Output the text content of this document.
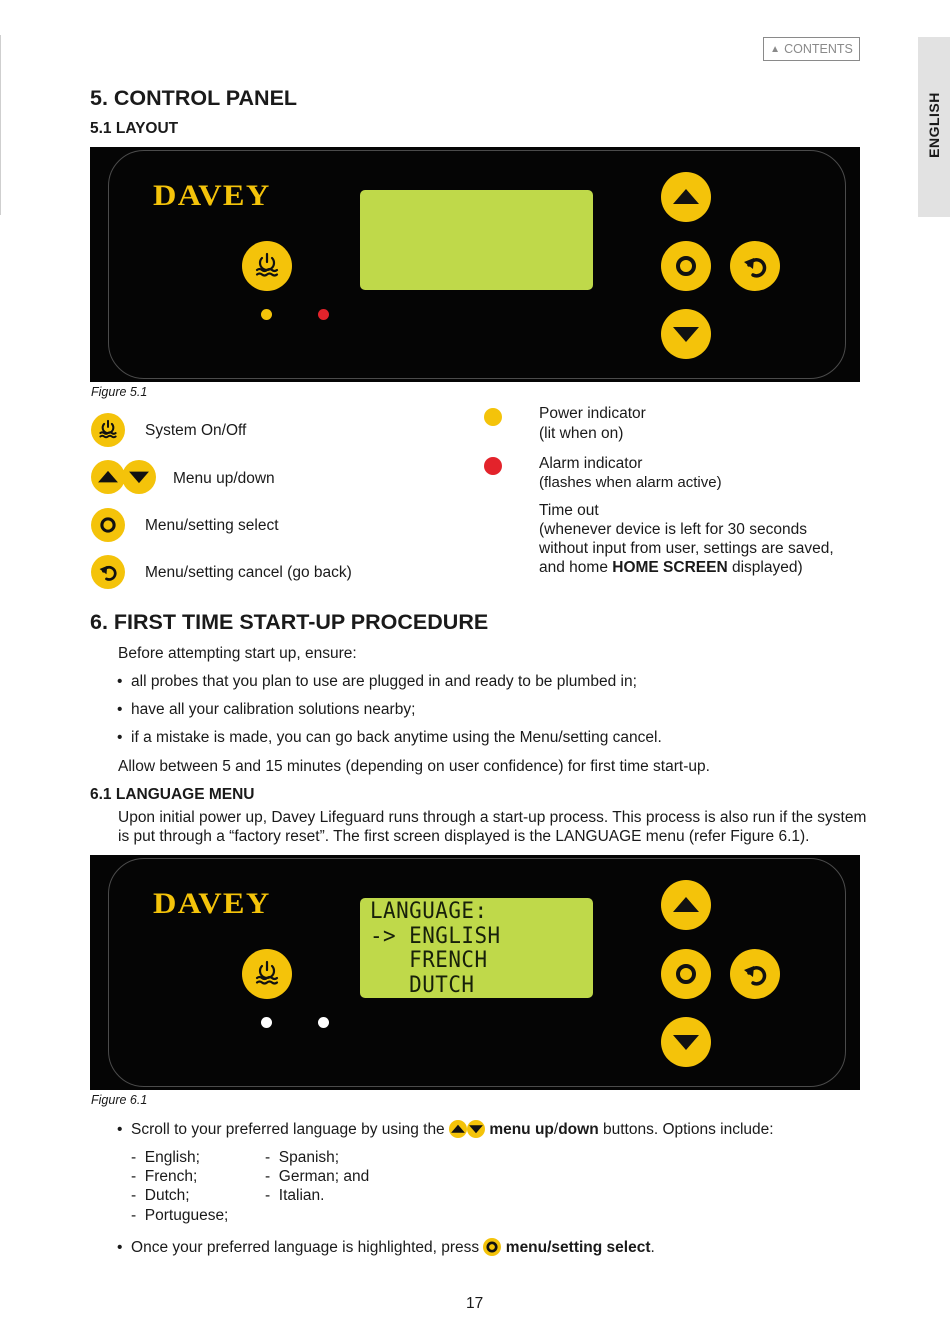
▲ CONTENTS
ENGLISH
5. CONTROL PANEL
5.1 LAYOUT
DAVEY
Figure 5.1
System On/Off
Menu up/down
Menu/setting select
Menu/setting cancel (go back)
Power indicator
(lit when on)
Alarm indicator
(flashes when alarm active)
Time out
(whenever device is left for 30 seconds
without input from user, settings are saved,
and home HOME SCREEN displayed)
6. FIRST TIME START-UP PROCEDURE
Before attempting start up, ensure:
•  all probes that you plan to use are plugged in and ready to be plumbed in;
•  have all your calibration solutions nearby;
•  if a mistake is made, you can go back anytime using the Menu/setting cancel.
Allow between 5 and 15 minutes (depending on user confidence) for first time start-up.
6.1 LANGUAGE MENU
Upon initial power up, Davey Lifeguard runs through a start-up process. This process is also run if the system
is put through a “factory reset”. The first screen displayed is the LANGUAGE menu (refer Figure 6.1).
DAVEY	LANGUAGE:
-> ENGLISH
FRENCH
DUTCH
Figure 6.1
•  Scroll to your preferred language by using the	menu up/down buttons. Options include:
-  English;
-  French;
-  Dutch;
-  Portuguese;
-  Spanish;
-  German; and
-  Italian.
•  Once your preferred language is highlighted, press menu/setting select.
17
